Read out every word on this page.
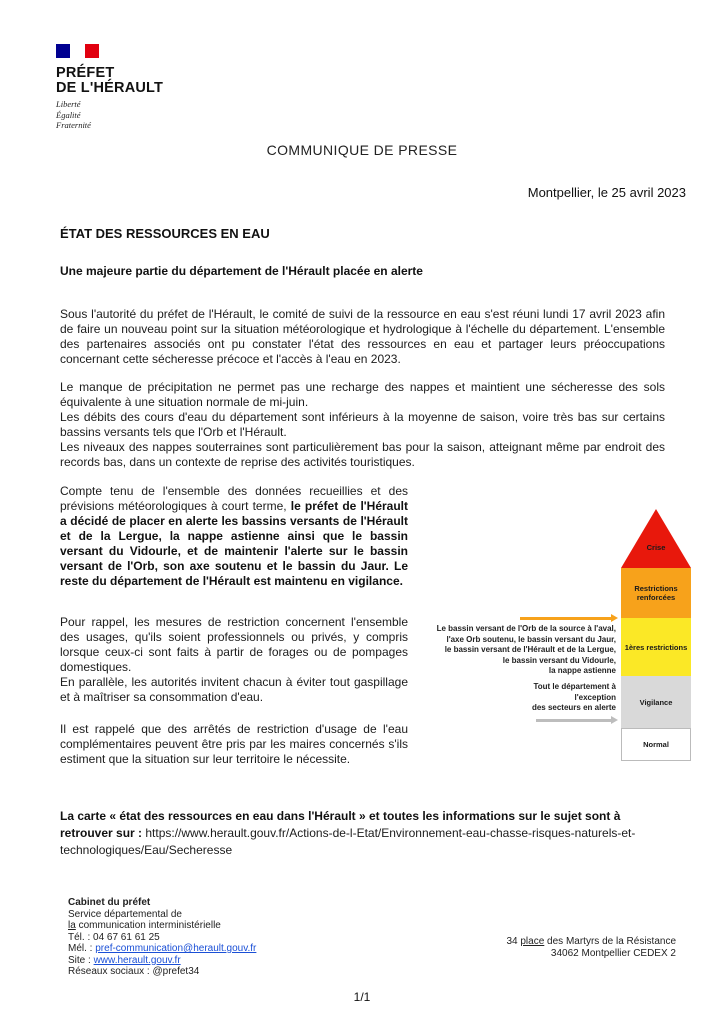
PRÉFET
DE L'HÉRAULT
Liberté
Égalité
Fraternité
COMMUNIQUE DE PRESSE
Montpellier, le 25 avril 2023
ÉTAT DES RESSOURCES EN EAU
Une majeure partie du département de l'Hérault placée en alerte

Sous l'autorité du préfet de l'Hérault, le comité de suivi de la ressource en eau s'est réuni lundi 17 avril 2023 afin de faire un nouveau point sur la situation météorologique et hydrologique à l'échelle du département. L'ensemble des partenaires associés ont pu constater l'état des ressources en eau et partager leurs préoccupations concernant cette sécheresse précoce et l'accès à l'eau en 2023.

Le manque de précipitation ne permet pas une recharge des nappes et maintient une sécheresse des sols équivalente à une situation normale de mi-juin.

Les débits des cours d'eau du département sont inférieurs à la moyenne de saison, voire très bas sur certains bassins versants tels que l'Orb et l'Hérault.

Les niveaux des nappes souterraines sont particulièrement bas pour la saison, atteignant même par endroit des records bas, dans un contexte de reprise des activités touristiques.

Compte tenu de l'ensemble des données recueillies et des prévisions météorologiques à court terme, le préfet de l'Hérault a décidé de placer en alerte les bassins versants de l'Hérault et de la Lergue, la nappe astienne ainsi que le bassin versant du Vidourle, et de maintenir l'alerte sur le bassin versant de l'Orb, son axe soutenu et le bassin du Jaur. Le reste du département de l'Hérault est maintenu en vigilance.

Pour rappel, les mesures de restriction concernent l'ensemble des usages, qu'ils soient professionnels ou privés, y compris lorsque ceux-ci sont faits à partir de forages ou de pompages domestiques.

En parallèle, les autorités invitent chacun à éviter tout gaspillage et à maîtriser sa consommation d'eau.

Il est rappelé que des arrêtés de restriction d'usage de l'eau complémentaires peuvent être pris par les maires concernés s'ils estiment que la situation sur leur territoire le nécessite.

Crise
Restrictions renforcées
1ères restrictions
Vigilance
Normal
Le bassin versant de l'Orb de la source à l'aval,
l'axe Orb soutenu, le bassin versant du Jaur,
le bassin versant de l'Hérault et de la Lergue,
le bassin versant du Vidourle,
la nappe astienne
Tout le département à
l'exception
des secteurs en alerte
La carte « état des ressources en eau dans l'Hérault » et toutes les informations sur le sujet sont à retrouver sur : https://www.herault.gouv.fr/Actions-de-l-Etat/Environnement-eau-chasse-risques-naturels-et-technologiques/Eau/Secheresse
Cabinet du préfet
Service départemental de
la communication interministérielle
Tél. : 04 67 61 61 25
Mél. : pref-communication@herault.gouv.fr
Site : www.herault.gouv.fr
Réseaux sociaux : @prefet34
34 place des Martyrs de la Résistance
34062 Montpellier CEDEX 2
1/1
